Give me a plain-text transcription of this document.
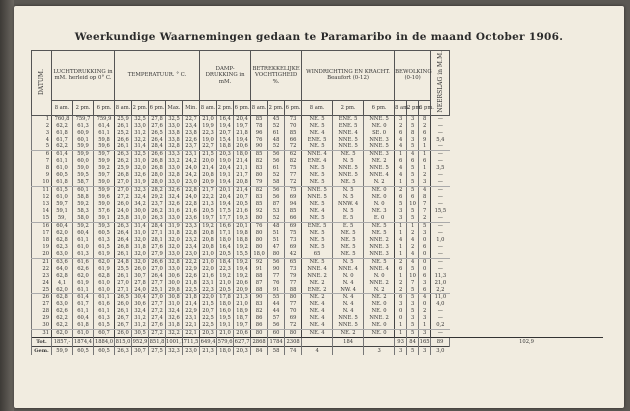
Weerkundige Waarnemingen gedaan te Paramaribo in de maand October 1906.
DATUM.	LUCHTDRUKKING in mM. herleid op 0° C.			TEMPERATUUR. ° C.					DAMP-DRUKKING in mM.			BETREKKELIJKE VOCHTIGHEID %.			WINDRICHTING EN KRACHT. Beaufort (0-12)			BEWOLKING (0-10)			NEERSLAG in M.M.	
	8 am.	2 pm.	6 pm.	8 am.	2 pm.	6 pm.	Max.	Min.	8 am.	2 pm.	6 pm.	8 am.	2 pm.	6 pm.	8 am.	2 pm.	6 pm.	8 am.	2 pm.	6 pm.		
1	760,8	759,7	759,9	25,9	32,5	27,8	32,5	22,7	21,0	16,4	20,4	85	45	73	NE. 5	ENE. 5	NNE. 5	3	3	8	—	
2	62,2	61,3	61,4	26,1	33,0	27,6	33,0	23,4	19,9	19,4	19,7	78	52	70	NE. 5	ENE. 5	NE. 0	2	5	2	—	
3	61,8	60,9	61,1	25,2	31,2	26,5	33,8	23,8	22,3	20,7	21,8	96	61	85	NE. 4	NNE. 4	SE. 0	6	8	6	—	
4	61,7	60,1	59,8	26,6	32,2	26,4	33,8	22,6	19,0	15,4	19,4	76	48	66	ENE. 5	NNE. 5	NNE. 3	4	3	9	5,4	
5	62,2	59,9	59,6	26,1	31,4	28,4	32,8	23,7	22,7	18,8	20,6	90	52	72	NE. 5	NNE. 5	NNE. 5	4	5	1	—	
6	61,4	59,9	59,7	26,3	32,5	26,6	33,3	23,1	21,5	20,3	18,0	85	56	62	NNE. 4	NE. 5	NNE. 3	1	4	1	—	
7	61,1	60,0	59,9	26,2	31,0	26,8	33,2	24,2	20,0	19,0	21,4	82	56	82	ENE. 4	N. 5	NE. 2	6	6	6	—	
8	61,0	59,0	59,2	25,9	32,0	26,8	33,0	24,0	21,4	20,4	21,1	83	61	75	NE. 5	NNE. 5	NNE. 5	4	5	1	3,5	
9	60,5	59,5	59,7	26,8	32,6	28,0	32,8	24,2	20,8	19,1	21,7	80	52	77	NE. 5	NNE. 5	NNE. 4	4	5	2	—	
10	61,8	58,7	59,0	27,0	31,9	28,0	33,0	23,0	20,9	19,4	20,8	79	58	72	NE. 5	NE. 5	N. 2	1	5	3	—	
11	61,5	60,1	59,9	27,0	32,3	28,2	32,6	22,8	21,7	20,1	21,4	82	56	75	NNE. 5	N. 5	NE. 0	2	5	4	—	
12	61,0	58,8	59,6	27,2	32,4	29,2	32,4	24,0	22,2	20,4	20,7	83	56	69	NNE. 5	N. 5	NE. 0	6	6	8	—	
13	59,7	59,2	59,0	26,0	34,2	23,7	32,6	22,8	21,3	19,4	20,5	85	87	94	NE. 5	NNW. 4	N. 0	5	10	7	—	
14	59,1	58,3	57,6	24,0	30,0	26,2	31,6	21,6	20,5	17,5	21,6	92	53	85	NE. 4	N. 5	NE. 3	3	5	7	15,5	
15	59,	58,0	59,1	25,8	31,0	26,3	33,0	23,6	19,7	17,7	19,3	80	52	66	NE. 5	E. 5	E. 0	3	5	2	—	
16	60,4	59,2	59,3	26,3	31,4	28,4	31,9	23,3	19,2	16,6	20,1	76	48	69	ENE. 5	E. 5	NE. 5	1	1	5	—	
17	62,0	60,4	60,5	26,4	31,0	27,1	31,8	22,8	20,8	17,1	19,8	80	51	75	NE. 5	NE. 5	NE. 5	1	2	3	—	
18	62,8	61,1	61,3	26,4	32,0	28,1	32,0	23,2	20,8	18,0	18,8	80	51	73	NE. 5	NE. 5	NNE. 2	4	4	0	1,0	
19	62,3	61,0	61,5	26,8	31,8	27,6	32,0	23,4	20,8	16,4	19,2	80	47	69	NE. 5	NE. 5	NNE. 3	1	2	6	—	
20	63,0	61,3	61,9	26,1	32,0	27,9	33,0	23,0	21,0	20,5	15,5	18,0	80	42	65	NE. 5	NNE. 3	1	4	0	—	
21	63,6	61,6	62,0	24,8	32,0	26,6	32,8	22,2	21,0	18,4	19,2	92	56	65	NE. 5	N. 5	NE. 5	2	4	0	—	
22	64,0	62,6	61,9	25,5	26,0	27,0	33,0	22,9	22,0	22,3	19,4	91	90	73	NNE. 4	NNE. 4	NNE. 4	6	5	0	—	
23	62,8	62,0	62,8	26,1	30,7	26,4	30,6	22,6	21,6	19,2	19,2	88	77	79	NNE. 2	N. 0	N. 0	1	10	6	11,3	
24	4,1	61,9	61,0	27,0	27,8	27,7	30,0	21,8	23,1	21,0	20,6	87	76	77	NE. 2	N. 4	NNE. 2	2	7	3	21,0	
25	62,0	61,1	61,0	27,1	24,0	25,1	29,8	22,5	22,3	20,5	20,9	88	91	88	ENE. 2	NW. 4	N. 2	2	5	6	2,2	
26	62,8	61,4	61,1	26,5	30,4	27,0	30,8	21,8	22,0	17,8	21,3	90	55	80	NE. 2	N. 4	NE. 2	6	5	4	11,0	
27	63,0	61,7	61,6	26,0	30,6	27,7	31,0	21,4	21,5	18,0	21,0	83	44	77	NE. 4	N. 4	NE. 0	3	3	0	4,0	
28	62,6	61,1	61,1	26,1	32,4	27,2	32,4	22,9	20,7	16,0	18,9	82	44	70	NE. 4	N. 4	NE. 0	0	5	2	—	
29	62,2	60,4	61,3	26,7	31,2	27,4	32,6	23,1	22,5	19,5	18,7	86	57	69	NE. 4	NNE. 5	NNE. 2	0	3	3	—	
30	62,2	61,8	61,5	26,7	31,2	27,6	31,8	22,1	22,5	19,1	19,7	86	56	72	NE. 4	NNE. 5	NE. 0	1	5	1	0,2	
31	62,0	61,0	60,7	26,0	30,5	27,2	32,2	22,1	20,3	21,0	20,6	80	60	80	NE. 4	NE. 2	NE. 0	1	5	3	—	
Tot.	1857,-	1874,4	1884,0	815,0	952,9	851,8	1001,1	711,5	649,4	579,6	627,7	2868	1784	2308		184		93	84	165	89	102,9
Gem.	59,9	60,5	60,5	26,3	30,7	27,5	32,3	23,0	21,3	18,0	20,3	84	58	74	4		3	3	5	3	3,0	
